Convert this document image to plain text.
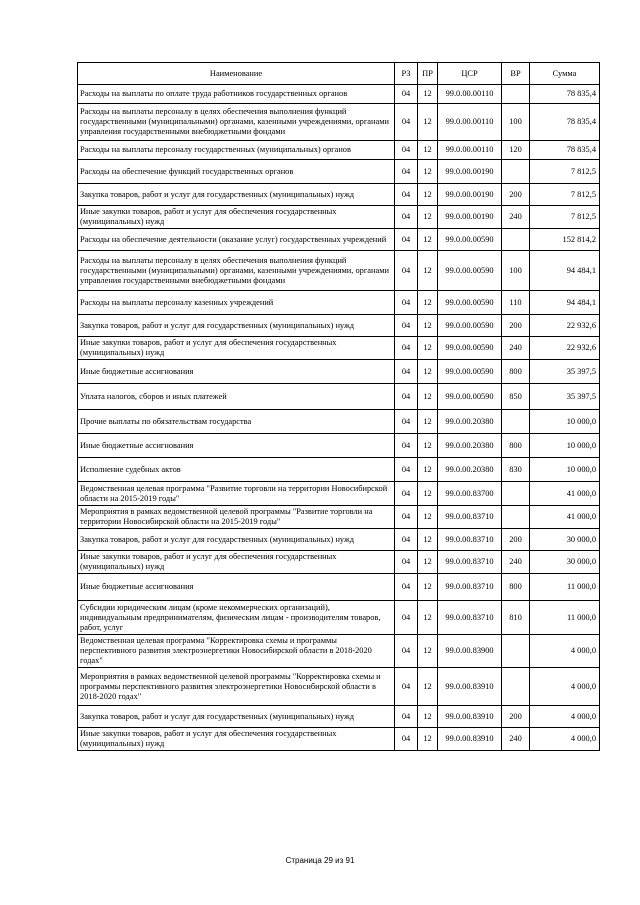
Наименование	РЗ	ПР	ЦСР	ВР	Сумма
Расходы на выплаты по оплате труда работников государственных органов	04	12	99.0.00.00110		78 835,4
Расходы на выплаты персоналу в целях обеспечения выполнения функций государственными (муниципальными) органами, казенными учреждениями, органами управления государственными внебюджетными фондами	04	12	99.0.00.00110	100	78 835,4
Расходы на выплаты персоналу государственных (муниципальных) органов	04	12	99.0.00.00110	120	78 835,4
Расходы на обеспечение функций государственных органов	04	12	99.0.00.00190		7 812,5
Закупка товаров, работ и услуг для государственных (муниципальных) нужд	04	12	99.0.00.00190	200	7 812,5
Иные закупки товаров, работ и услуг для обеспечения государственных (муниципальных) нужд	04	12	99.0.00.00190	240	7 812,5
Расходы на обеспечение деятельности (оказание услуг) государственных учреждений	04	12	99.0.00.00590		152 814,2
Расходы на выплаты персоналу в целях обеспечения выполнения функций государственными (муниципальными) органами, казенными учреждениями, органами управления государственными внебюджетными фондами	04	12	99.0.00.00590	100	94 484,1
Расходы на выплаты персоналу казенных учреждений	04	12	99.0.00.00590	110	94 484,1
Закупка товаров, работ и услуг для государственных (муниципальных) нужд	04	12	99.0.00.00590	200	22 932,6
Иные закупки товаров, работ и услуг для обеспечения государственных (муниципальных) нужд	04	12	99.0.00.00590	240	22 932,6
Иные бюджетные ассигнования	04	12	99.0.00.00590	800	35 397,5
Уплата налогов, сборов и иных платежей	04	12	99.0.00.00590	850	35 397,5
Прочие выплаты по обязательствам государства	04	12	99.0.00.20380		10 000,0
Иные бюджетные ассигнования	04	12	99.0.00.20380	800	10 000,0
Исполнение судебных актов	04	12	99.0.00.20380	830	10 000,0
Ведомственная целевая программа "Развитие торговли на территории Новосибирской области на 2015-2019 годы"	04	12	99.0.00.83700		41 000,0
Мероприятия в рамках ведомственной целевой программы "Развитие торговли на территории Новосибирской области на 2015-2019 годы"	04	12	99.0.00.83710		41 000,0
Закупка товаров, работ и услуг для государственных (муниципальных) нужд	04	12	99.0.00.83710	200	30 000,0
Иные закупки товаров, работ и услуг для обеспечения государственных (муниципальных) нужд	04	12	99.0.00.83710	240	30 000,0
Иные бюджетные ассигнования	04	12	99.0.00.83710	800	11 000,0
Субсидии юридическим лицам (кроме некоммерческих организаций), индивидуальным предпринимателям, физическим лицам - производителям товаров, работ, услуг	04	12	99.0.00.83710	810	11 000,0
Ведомственная целевая программа "Корректировка схемы и программы перспективного развития электроэнергетики Новосибирской области в 2018-2020 годах"	04	12	99.0.00.83900		4 000,0
Мероприятия в рамках ведомственной целевой программы "Корректировка схемы и программы перспективного развития электроэнергетики Новосибирской области в 2018-2020 годах"	04	12	99.0.00.83910		4 000,0
Закупка товаров, работ и услуг для государственных (муниципальных) нужд	04	12	99.0.00.83910	200	4 000,0
Иные закупки товаров, работ и услуг для обеспечения государственных (муниципальных) нужд	04	12	99.0.00.83910	240	4 000,0
Страница 29 из 91
